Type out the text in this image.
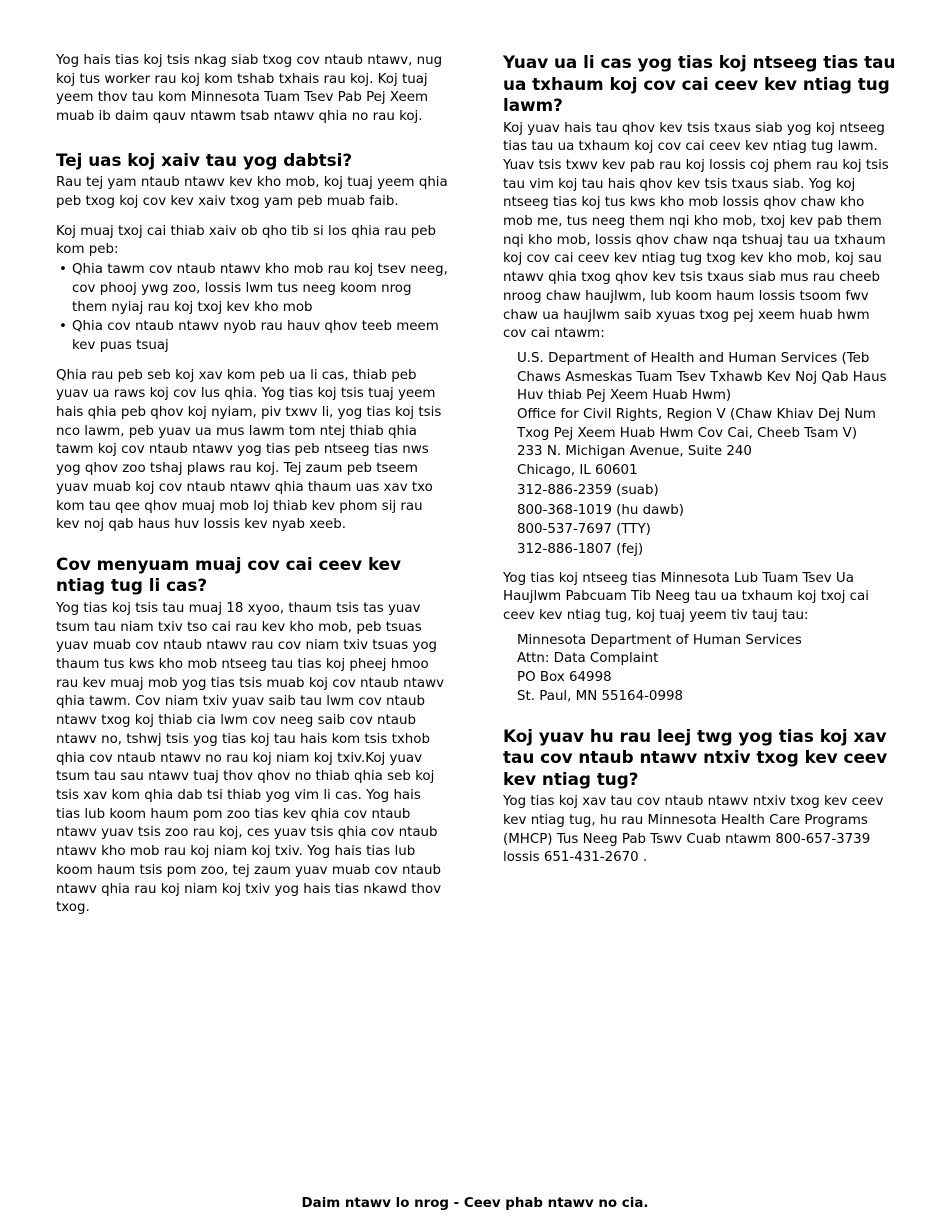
Yog hais tias koj tsis nkag siab txog cov ntaub ntawv, nug koj tus worker rau koj kom tshab txhais rau koj. Koj tuaj yeem thov tau kom Minnesota Tuam Tsev Pab Pej Xeem muab ib daim qauv ntawm tsab ntawv qhia no rau koj.

Tej uas koj xaiv tau yog dabtsi?

Rau tej yam ntaub ntawv kev kho mob, koj tuaj yeem qhia peb txog koj cov kev xaiv txog yam peb muab faib.

Koj muaj txoj cai thiab xaiv ob qho tib si los qhia rau peb kom peb:

• Qhia tawm cov ntaub ntawv kho mob rau koj tsev neeg, cov phooj ywg zoo, lossis lwm tus neeg koom nrog them nyiaj rau koj txoj kev kho mob
• Qhia cov ntaub ntawv nyob rau hauv qhov teeb meem kev puas tsuaj

Qhia rau peb seb koj xav kom peb ua li cas, thiab peb yuav ua raws koj cov lus qhia. Yog tias koj tsis tuaj yeem hais qhia peb qhov koj nyiam, piv txwv li, yog tias koj tsis nco lawm, peb yuav ua mus lawm tom ntej thiab qhia tawm koj cov ntaub ntawv yog tias peb ntseeg tias nws yog qhov zoo tshaj plaws rau koj. Tej zaum peb tseem yuav muab koj cov ntaub ntawv qhia thaum uas xav txo kom tau qee qhov muaj mob loj thiab kev phom sij rau kev noj qab haus huv lossis kev nyab xeeb.

Cov menyuam muaj cov cai ceev kev ntiag tug li cas?

Yog tias koj tsis tau muaj 18 xyoo, thaum tsis tas yuav tsum tau niam txiv tso cai rau kev kho mob, peb tsuas yuav muab cov ntaub ntawv rau cov niam txiv tsuas yog thaum tus kws kho mob ntseeg tau tias koj pheej hmoo rau kev muaj mob yog tias tsis muab koj cov ntaub ntawv qhia tawm. Cov niam txiv yuav saib tau lwm cov ntaub ntawv txog koj thiab cia lwm cov neeg saib cov ntaub ntawv no, tshwj tsis yog tias koj tau hais kom tsis txhob qhia cov ntaub ntawv no rau koj niam koj txiv.Koj yuav tsum tau sau ntawv tuaj thov qhov no thiab qhia seb koj tsis xav kom qhia dab tsi thiab yog vim li cas. Yog hais tias lub koom haum pom zoo tias kev qhia cov ntaub ntawv yuav tsis zoo rau koj, ces yuav tsis qhia cov ntaub ntawv kho mob rau koj niam koj txiv. Yog hais tias lub koom haum tsis pom zoo, tej zaum yuav muab cov ntaub ntawv qhia rau koj niam koj txiv yog hais tias nkawd thov txog.

Yuav ua li cas yog tias koj ntseeg tias tau ua txhaum koj cov cai ceev kev ntiag tug lawm?

Koj yuav hais tau qhov kev tsis txaus siab yog koj ntseeg tias tau ua txhaum koj cov cai ceev kev ntiag tug lawm. Yuav tsis txwv kev pab rau koj lossis coj phem rau koj tsis tau vim koj tau hais qhov kev tsis txaus siab. Yog koj ntseeg tias koj tus kws kho mob lossis qhov chaw kho mob me, tus neeg them nqi kho mob, txoj kev pab them nqi kho mob, lossis qhov chaw nqa tshuaj tau ua txhaum koj cov cai ceev kev ntiag tug txog kev kho mob, koj sau ntawv qhia txog qhov kev tsis txaus siab mus rau cheeb nroog chaw haujlwm, lub koom haum lossis tsoom fwv chaw ua haujlwm saib xyuas txog pej xeem huab hwm cov cai ntawm:

U.S. Department of Health and Human Services (Teb Chaws Asmeskas Tuam Tsev Txhawb Kev Noj Qab Haus Huv thiab Pej Xeem Huab Hwm)

Office for Civil Rights, Region V (Chaw Khiav Dej Num Txog Pej Xeem Huab Hwm Cov Cai, Cheeb Tsam V)

233 N. Michigan Avenue, Suite 240

Chicago, IL 60601

312-886-2359 (suab)

800-368-1019 (hu dawb)

800-537-7697 (TTY)

312-886-1807 (fej)

Yog tias koj ntseeg tias Minnesota Lub Tuam Tsev Ua Haujlwm Pabcuam Tib Neeg tau ua txhaum koj txoj cai ceev kev ntiag tug, koj tuaj yeem tiv tauj tau:

Minnesota Department of Human Services

Attn: Data Complaint

PO Box 64998

St. Paul, MN 55164-0998

Koj yuav hu rau leej twg yog tias koj xav tau cov ntaub ntawv ntxiv txog kev ceev kev ntiag tug?

Yog tias koj xav tau cov ntaub ntawv ntxiv txog kev ceev kev ntiag tug, hu rau Minnesota Health Care Programs (MHCP) Tus Neeg Pab Tswv Cuab ntawm 800-657-3739 lossis 651-431-2670 .

Daim ntawv lo nrog - Ceev phab ntawv no cia.
